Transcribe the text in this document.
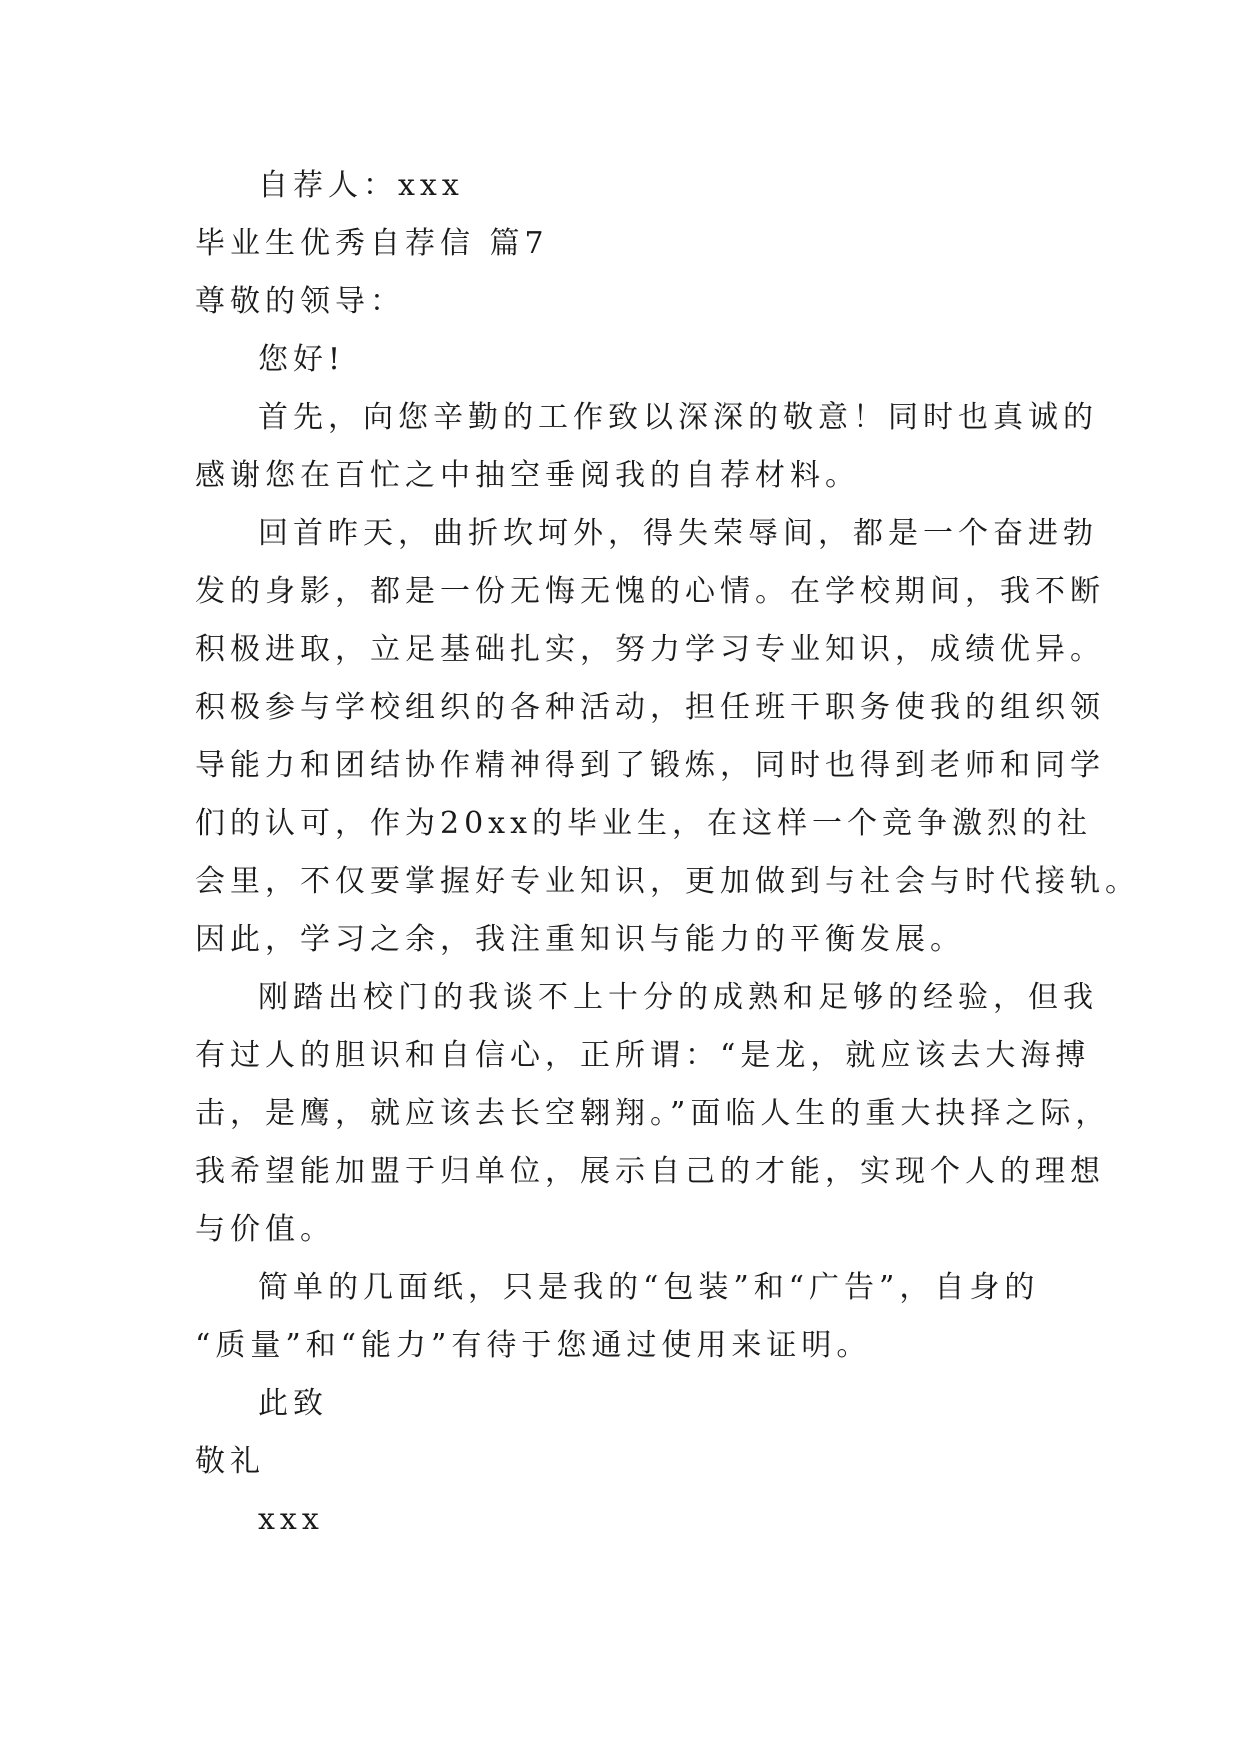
自荐人：xxx
毕业生优秀自荐信 篇7
尊敬的领导：
您好!
首先，向您辛勤的工作致以深深的敬意！同时也真诚的
感谢您在百忙之中抽空垂阅我的自荐材料。
回首昨天，曲折坎坷外，得失荣辱间，都是一个奋进勃
发的身影，都是一份无悔无愧的心情。在学校期间，我不断
积极进取，立足基础扎实，努力学习专业知识，成绩优异。
积极参与学校组织的各种活动，担任班干职务使我的组织领
导能力和团结协作精神得到了锻炼，同时也得到老师和同学
们的认可，作为20xx的毕业生，在这样一个竞争激烈的社
会里，不仅要掌握好专业知识，更加做到与社会与时代接轨。
因此，学习之余，我注重知识与能力的平衡发展。
刚踏出校门的我谈不上十分的成熟和足够的经验，但我
有过人的胆识和自信心，正所谓：“是龙，就应该去大海搏
击，是鹰，就应该去长空翱翔。”面临人生的重大抉择之际，
我希望能加盟于归单位，展示自己的才能，实现个人的理想
与价值。
简单的几面纸，只是我的“包装”和“广告”，自身的
“质量”和“能力”有待于您通过使用来证明。
此致
敬礼
xxx
